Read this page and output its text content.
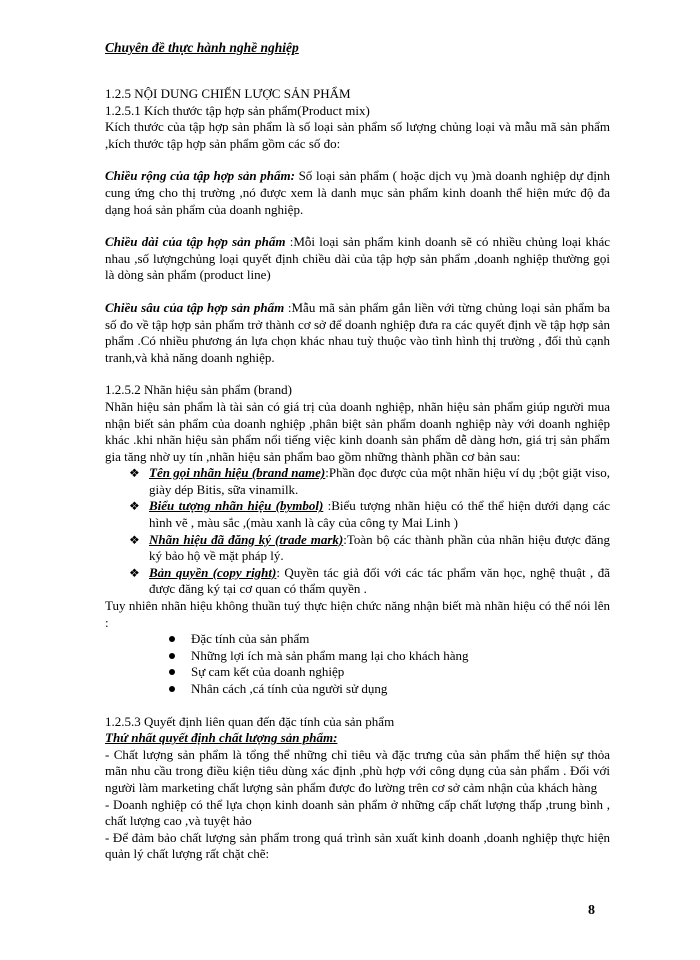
Chuyên đề thực hành nghề nghiệp
1.2.5 NỘI DUNG CHIẾN LƯỢC SẢN PHẨM
1.2.5.1 Kích thước tập hợp sản phẩm(Product mix)

Kích thước của tập hợp sản phẩm là số loại sản phẩm số lượng chủng loại và mẫu mã sản phẩm ,kích thước tập hợp sản phẩm gồm các số đo:

Chiều rộng của tập hợp sản phẩm: Số loại sản phẩm ( hoặc dịch vụ )mà doanh nghiệp dự định cung ứng cho thị trường ,nó được xem là danh mục sản phẩm kinh doanh thể hiện mức độ đa dạng hoá sản phẩm của doanh nghiệp.

Chiều dài của tập hợp sản phẩm :Mỗi loại sản phẩm kinh doanh sẽ có nhiều chủng loại khác nhau ,số lượngchủng loại quyết định chiều dài của tập hợp sản phẩm ,doanh nghiệp thường gọi là dòng sản phẩm (product line)

Chiều sâu của tập hợp sản phẩm :Mẫu mã sản phẩm gắn liền với từng chủng loại sản phẩm ba số đo về tập hợp sản phẩm trở thành cơ sở để doanh nghiệp đưa ra các quyết định về tập hợp sản phẩm .Có nhiều phương án lựa chọn khác nhau tuỳ thuộc vào tình hình thị trường , đối thủ cạnh tranh,và khả năng doanh nghiệp.

1.2.5.2 Nhãn hiệu sản phẩm (brand)

Nhãn hiệu sản phẩm là tài sản có giá trị của doanh nghiệp, nhãn hiệu sản phẩm giúp người mua nhận biết sản phẩm của doanh nghiệp ,phân biệt sản phẩm doanh nghiệp này với doanh nghiệp khác .khi nhãn hiệu sản phẩm nổi tiếng việc kinh doanh sản phẩm dễ dàng hơn, giá trị sản phẩm gia tăng nhờ uy tín ,nhãn hiệu sản phẩm bao gồm những thành phần cơ bản sau:

❖ Tên gọi nhãn hiệu (brand name):Phần đọc được của một nhãn hiệu ví dụ ;bột giặt viso, giày dép Bitis, sữa vinamilk.
❖ Biểu tượng nhãn hiệu (bymbol) :Biểu tượng nhãn hiệu có thể thể hiện dưới dạng các hình vẽ , màu sắc ,(màu xanh là cây của công ty Mai Linh )
❖ Nhãn hiệu đã đăng ký (trade mark):Toàn bộ các thành phần của nhãn hiệu được đăng ký bảo hộ về mặt pháp lý.
❖ Bản quyền (copy right): Quyền tác giả đối với các tác phẩm văn học, nghệ thuật , đã được đăng ký tại cơ quan có thẩm quyền .

Tuy nhiên nhãn hiệu không thuần tuý thực hiện chức năng nhận biết mà nhãn hiệu có thể nói lên :

Đặc tính của sản phẩm
Những lợi ích mà sản phẩm mang lại cho khách hàng
Sự cam kết của doanh nghiệp
Nhân cách ,cá tính của người sử dụng
1.2.5.3 Quyết định liên quan đến đặc tính của sản phẩm
Thứ nhất quyết định chất lượng sản phẩm:

- Chất lượng sản phẩm là tổng thể những chỉ tiêu và đặc trưng của sản phẩm thể hiện sự thỏa mãn nhu cầu trong điều kiện tiêu dùng xác định ,phù hợp với công dụng của sản phẩm . Đối với người làm marketing chất lượng sản phẩm được đo lường trên cơ sở cảm nhận của khách hàng

- Doanh nghiệp có thể lựa chọn kinh doanh sản phẩm ở những cấp chất lượng thấp ,trung bình , chất lượng cao ,và tuyệt hảo

- Để đảm bảo chất lượng sản phẩm trong quá trình sản xuất kinh doanh ,doanh nghiệp thực hiện quản lý chất lượng rất chặt chẽ:

8
